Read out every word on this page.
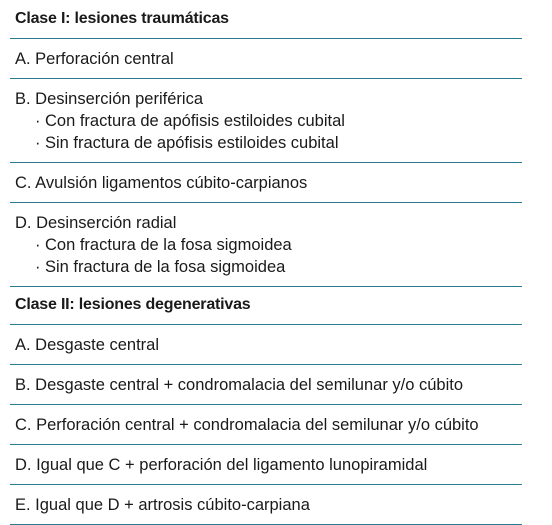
Clase I: lesiones traumáticas
A. Perforación central
B. Desinserción periférica
· Con fractura de apófisis estiloides cubital
· Sin fractura de apófisis estiloides cubital
C. Avulsión ligamentos cúbito-carpianos
D. Desinserción radial
· Con fractura de la fosa sigmoidea
· Sin fractura de la fosa sigmoidea
Clase II: lesiones degenerativas
A. Desgaste central
B. Desgaste central + condromalacia del semilunar y/o cúbito
C. Perforación central + condromalacia del semilunar y/o cúbito
D. Igual que C + perforación del ligamento lunopiramidal
E. Igual que D + artrosis cúbito-carpiana
